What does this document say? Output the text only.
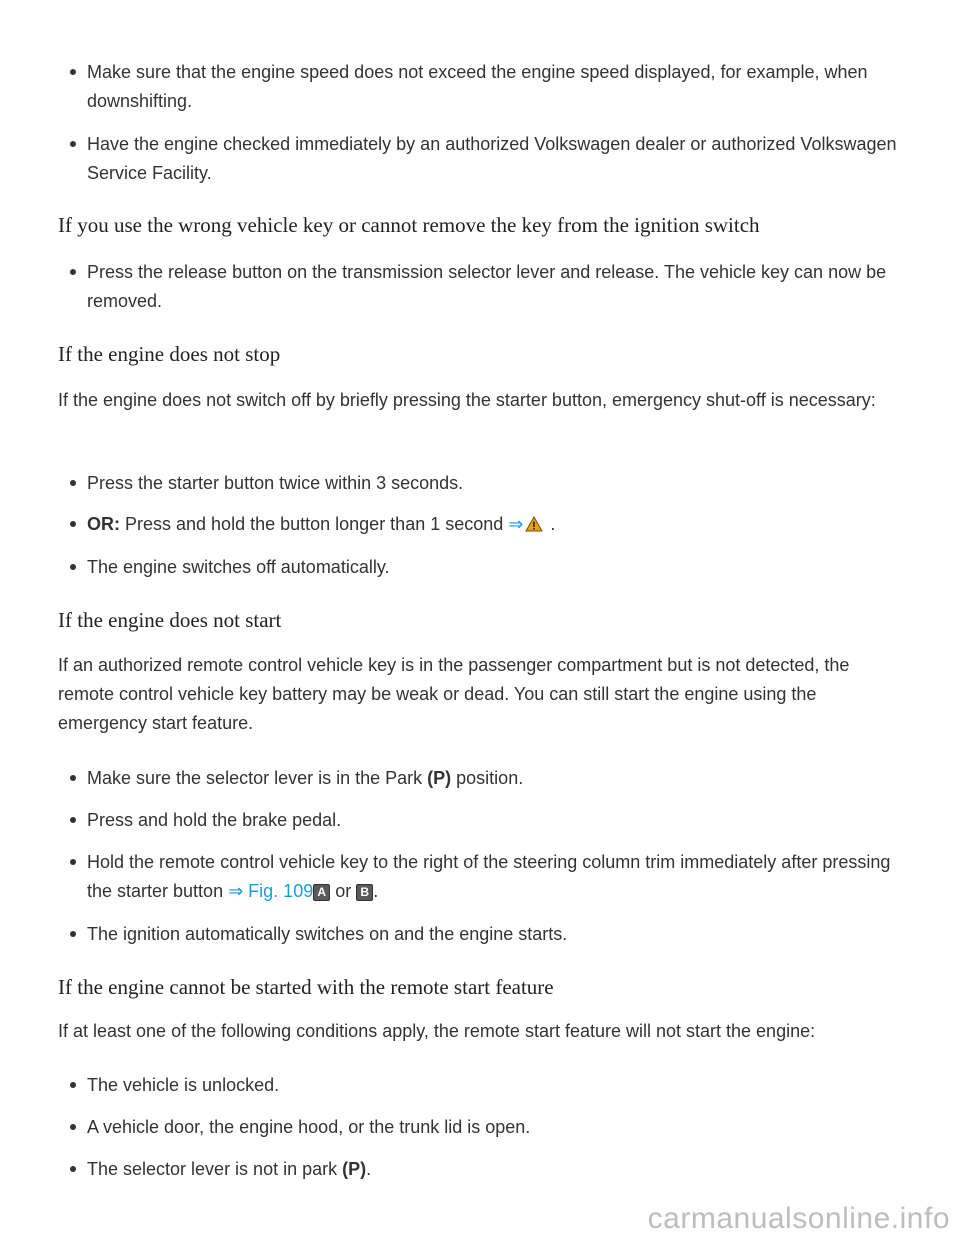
Make sure that the engine speed does not exceed the engine speed displayed, for example, when downshifting.
Have the engine checked immediately by an authorized Volkswagen dealer or authorized Volkswagen Service Facility.
If you use the wrong vehicle key or cannot remove the key from the ignition switch
Press the release button on the transmission selector lever and release. The vehicle key can now be removed.
If the engine does not stop
If the engine does not switch off by briefly pressing the starter button, emergency shut-off is necessary:
Press the starter button twice within 3 seconds.
OR: Press and hold the button longer than 1 second ⇒ .
The engine switches off automatically.
If the engine does not start
If an authorized remote control vehicle key is in the passenger compartment but is not detected, the remote control vehicle key battery may be weak or dead. You can still start the engine using the emergency start feature.
Make sure the selector lever is in the Park (P) position.
Press and hold the brake pedal.
Hold the remote control vehicle key to the right of the steering column trim immediately after pressing the starter button ⇒ Fig. 109 A or B .
The ignition automatically switches on and the engine starts.
If the engine cannot be started with the remote start feature
If at least one of the following conditions apply, the remote start feature will not start the engine:
The vehicle is unlocked.
A vehicle door, the engine hood, or the trunk lid is open.
The selector lever is not in park (P).
carmanualsonline.info
